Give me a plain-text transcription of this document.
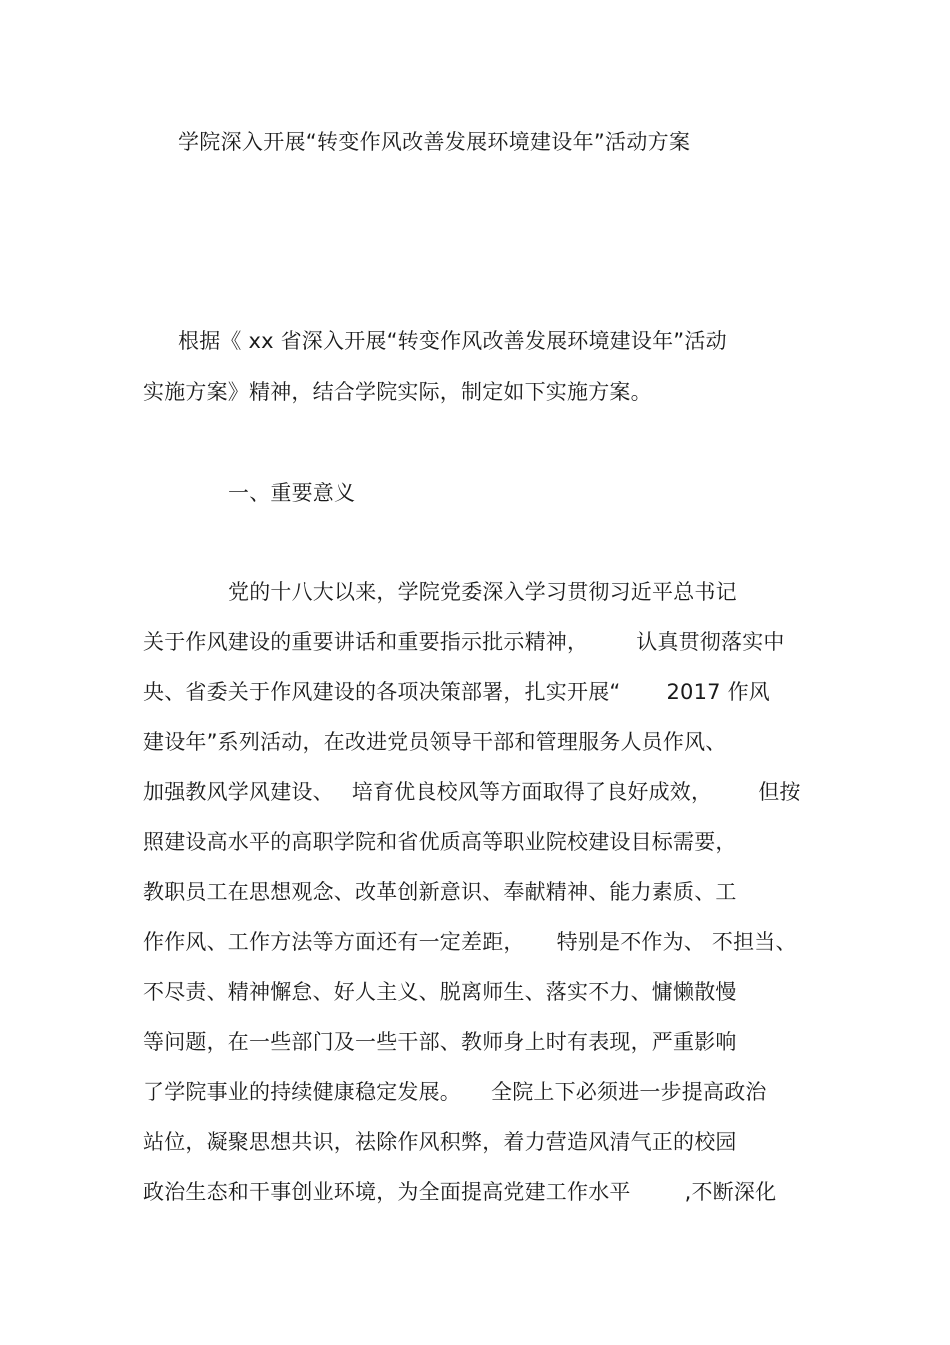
学院深入开展“转变作风改善发展环境建设年”活动方案
根据《 xx 省深入开展“转变作风改善发展环境建设年”活动
实施方案》精神，结合学院实际，制定如下实施方案。
一、重要意义
党的十八大以来，学院党委深入学习贯彻习近平总书记
关于作风建设的重要讲话和重要指示批示精神， 认真贯彻落实中
央、省委关于作风建设的各项决策部署，扎实开展“ 2017 作风
建设年”系列活动，在改进党员领导干部和管理服务人员作风、
加强教风学风建设、 培育优良校风等方面取得了良好成效， 但按
照建设高水平的高职学院和省优质高等职业院校建设目标需要，
教职员工在思想观念、改革创新意识、奉献精神、能力素质、工
作作风、工作方法等方面还有一定差距， 特别是不作为、 不担当、
不尽责、精神懈怠、好人主义、脱离师生、落实不力、慵懒散慢
等问题，在一些部门及一些干部、教师身上时有表现，严重影响
了学院事业的持续健康稳定发展。 全院上下必须进一步提高政治
站位，凝聚思想共识，祛除作风积弊，着力营造风清气正的校园
政治生态和干事创业环境，为全面提高党建工作水平	,不断深化
